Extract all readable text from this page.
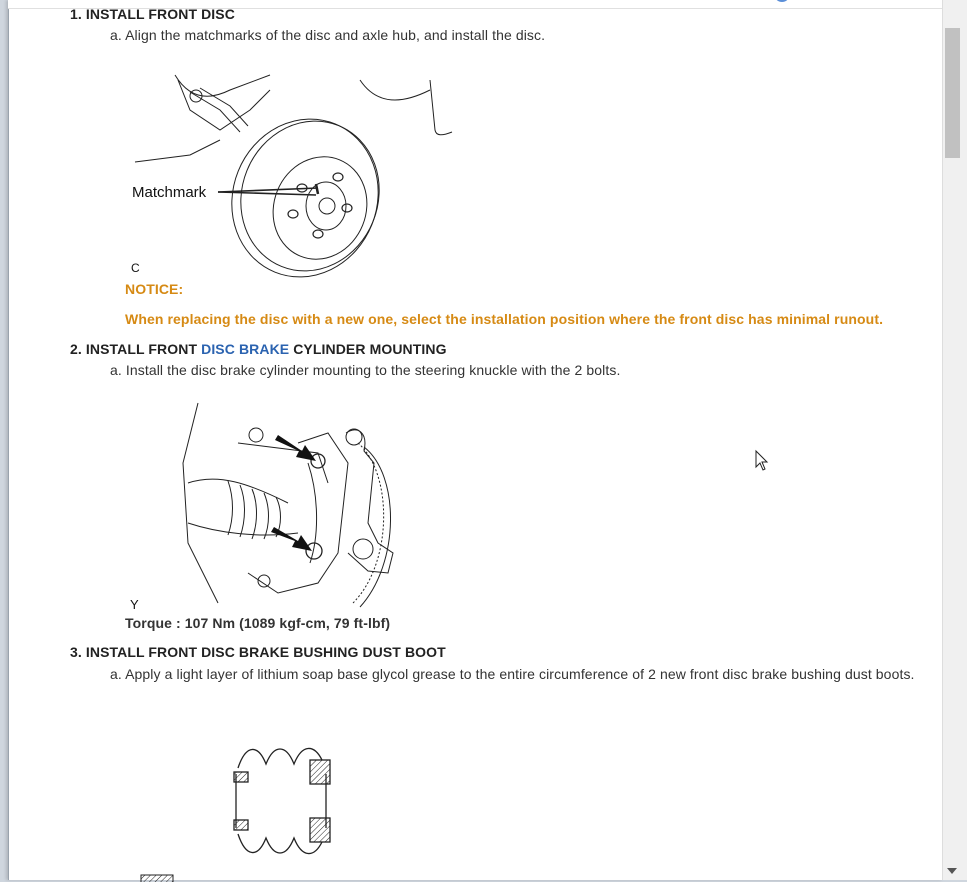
1. INSTALL FRONT DISC
a. Align the matchmarks of the disc and axle hub, and install the disc.
Matchmark
C
NOTICE:
When replacing the disc with a new one, select the installation position where the front disc has minimal runout.
2. INSTALL FRONT DISC BRAKE CYLINDER MOUNTING
a. Install the disc brake cylinder mounting to the steering knuckle with the 2 bolts.
Y
Torque : 107 Nm (1089 kgf-cm, 79 ft-lbf)
3. INSTALL FRONT DISC BRAKE BUSHING DUST BOOT
a. Apply a light layer of lithium soap base glycol grease to the entire circumference of 2 new front disc brake bushing dust boots.
